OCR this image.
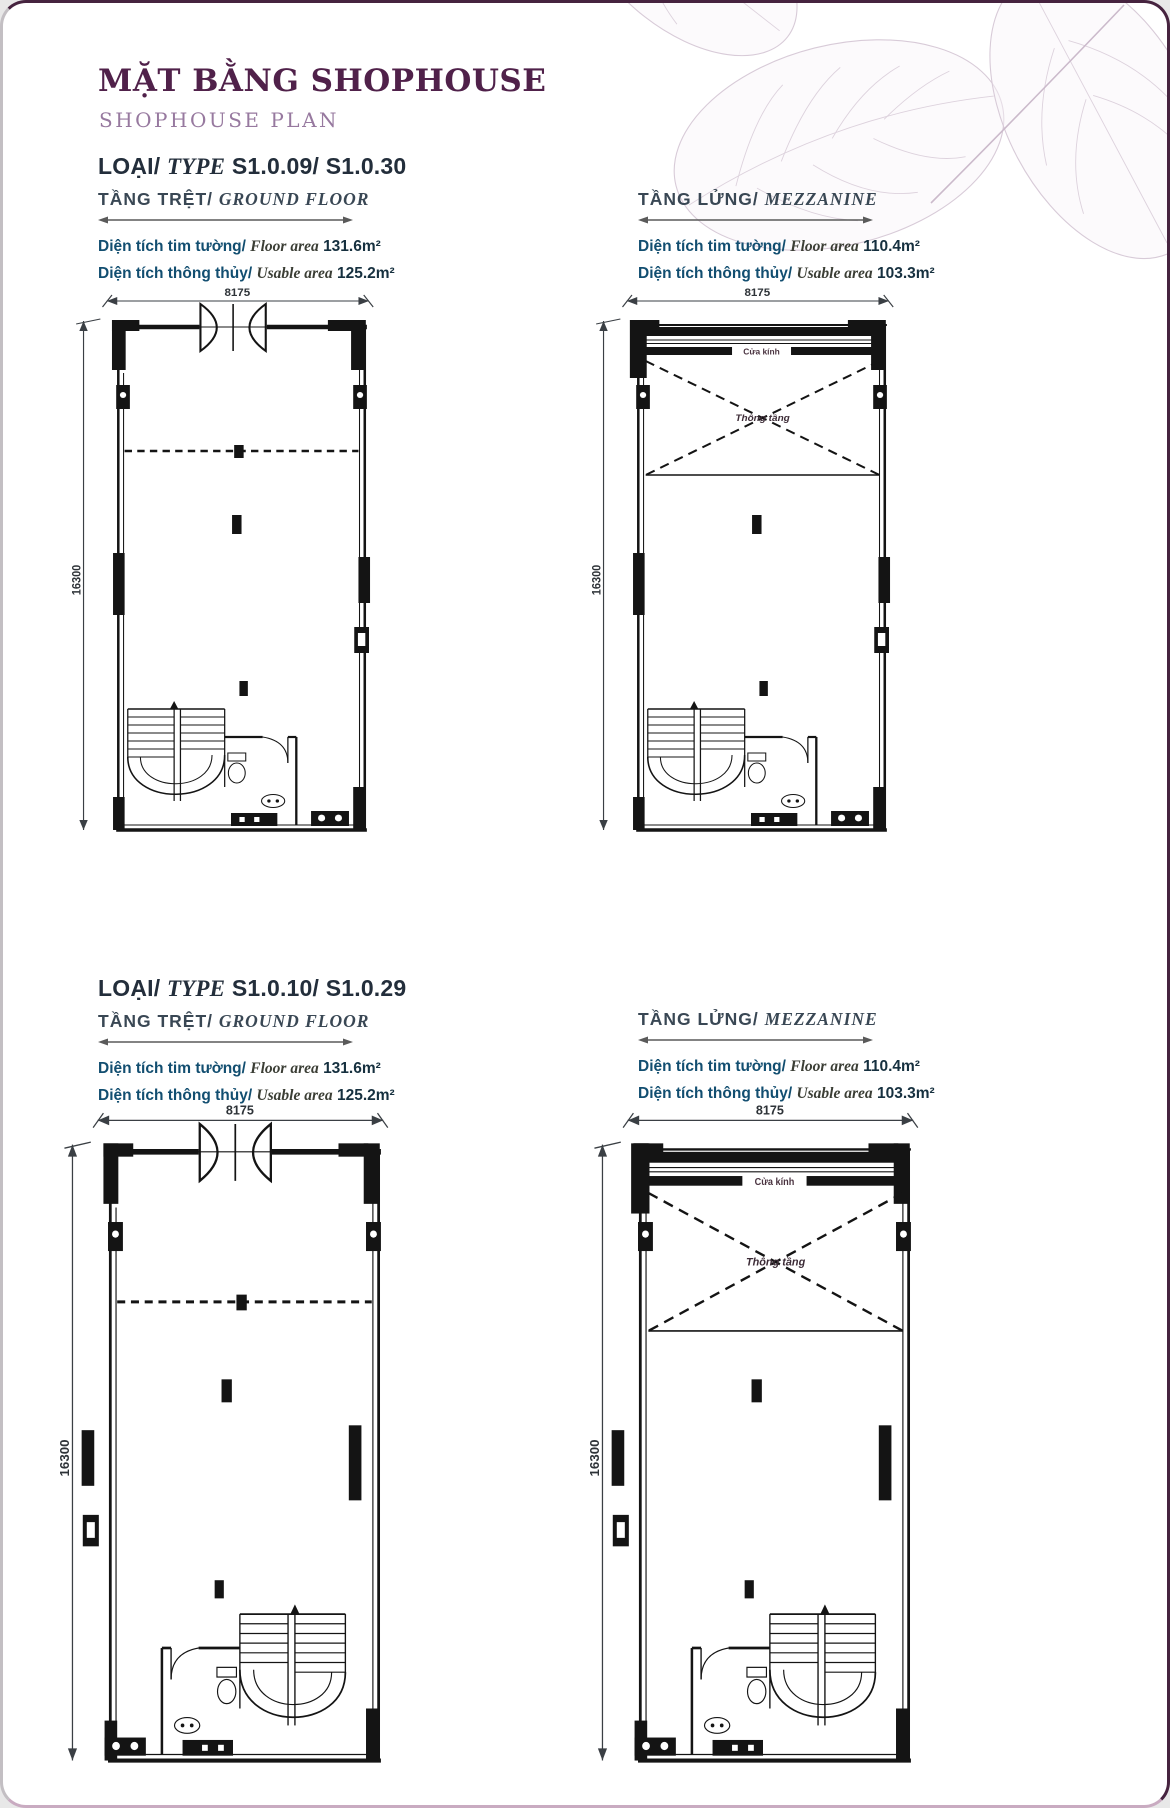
MẶT BẰNG SHOPHOUSE
SHOPHOUSE PLAN
LOẠI/ TYPE S1.0.09/ S1.0.30
TẦNG TRỆT/ GROUND FLOOR
Diện tích tim tường/ Floor area 131.6m²
Diện tích thông thủy/ Usable area 125.2m²
TẦNG LỬNG/ MEZZANINE
Diện tích tim tường/ Floor area 110.4m²
Diện tích thông thủy/ Usable area 103.3m²
LOẠI/ TYPE S1.0.10/ S1.0.29
TẦNG TRỆT/ GROUND FLOOR
Diện tích tim tường/ Floor area 131.6m²
Diện tích thông thủy/ Usable area 125.2m²
TẦNG LỬNG/ MEZZANINE
Diện tích tim tường/ Floor area 110.4m²
Diện tích thông thủy/ Usable area 103.3m²
